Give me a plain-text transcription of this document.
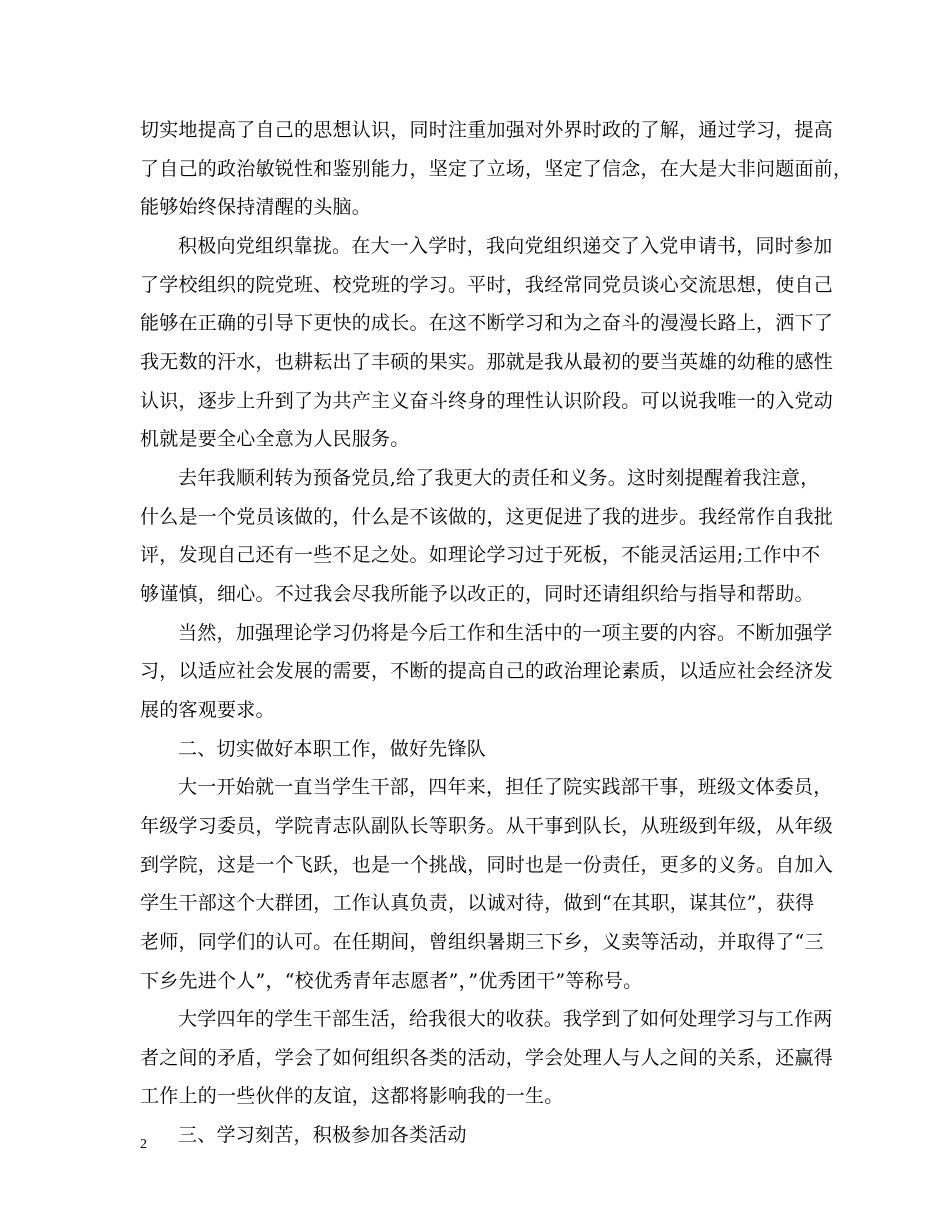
切实地提高了自己的思想认识，同时注重加强对外界时政的了解，通过学习，提高
了自己的政治敏锐性和鉴别能力，坚定了立场，坚定了信念，在大是大非问题面前，
能够始终保持清醒的头脑。
积极向党组织靠拢。在大一入学时，我向党组织递交了入党申请书，同时参加
了学校组织的院党班、校党班的学习。平时，我经常同党员谈心交流思想，使自己
能够在正确的引导下更快的成长。在这不断学习和为之奋斗的漫漫长路上，洒下了
我无数的汗水，也耕耘出了丰硕的果实。那就是我从最初的要当英雄的幼稚的感性
认识，逐步上升到了为共产主义奋斗终身的理性认识阶段。可以说我唯一的入党动
机就是要全心全意为人民服务。
去年我顺利转为预备党员,给了我更大的责任和义务。这时刻提醒着我注意，
什么是一个党员该做的，什么是不该做的，这更促进了我的进步。我经常作自我批
评，发现自己还有一些不足之处。如理论学习过于死板，不能灵活运用;工作中不
够谨慎，细心。不过我会尽我所能予以改正的，同时还请组织给与指导和帮助。
当然，加强理论学习仍将是今后工作和生活中的一项主要的内容。不断加强学
习，以适应社会发展的需要，不断的提高自己的政治理论素质，以适应社会经济发
展的客观要求。
二、切实做好本职工作，做好先锋队
大一开始就一直当学生干部，四年来，担任了院实践部干事，班级文体委员，
年级学习委员，学院青志队副队长等职务。从干事到队长，从班级到年级，从年级
到学院，这是一个飞跃，也是一个挑战，同时也是一份责任，更多的义务。自加入
学生干部这个大群团，工作认真负责，以诚对待，做到“在其职，谋其位”，获得
老师，同学们的认可。在任期间，曾组织暑期三下乡，义卖等活动，并取得了“三
下乡先进个人”，“校优秀青年志愿者”，”优秀团干”等称号。
大学四年的学生干部生活，给我很大的收获。我学到了如何处理学习与工作两
者之间的矛盾，学会了如何组织各类的活动，学会处理人与人之间的关系，还赢得
工作上的一些伙伴的友谊，这都将影响我的一生。
三、学习刻苦，积极参加各类活动
2
